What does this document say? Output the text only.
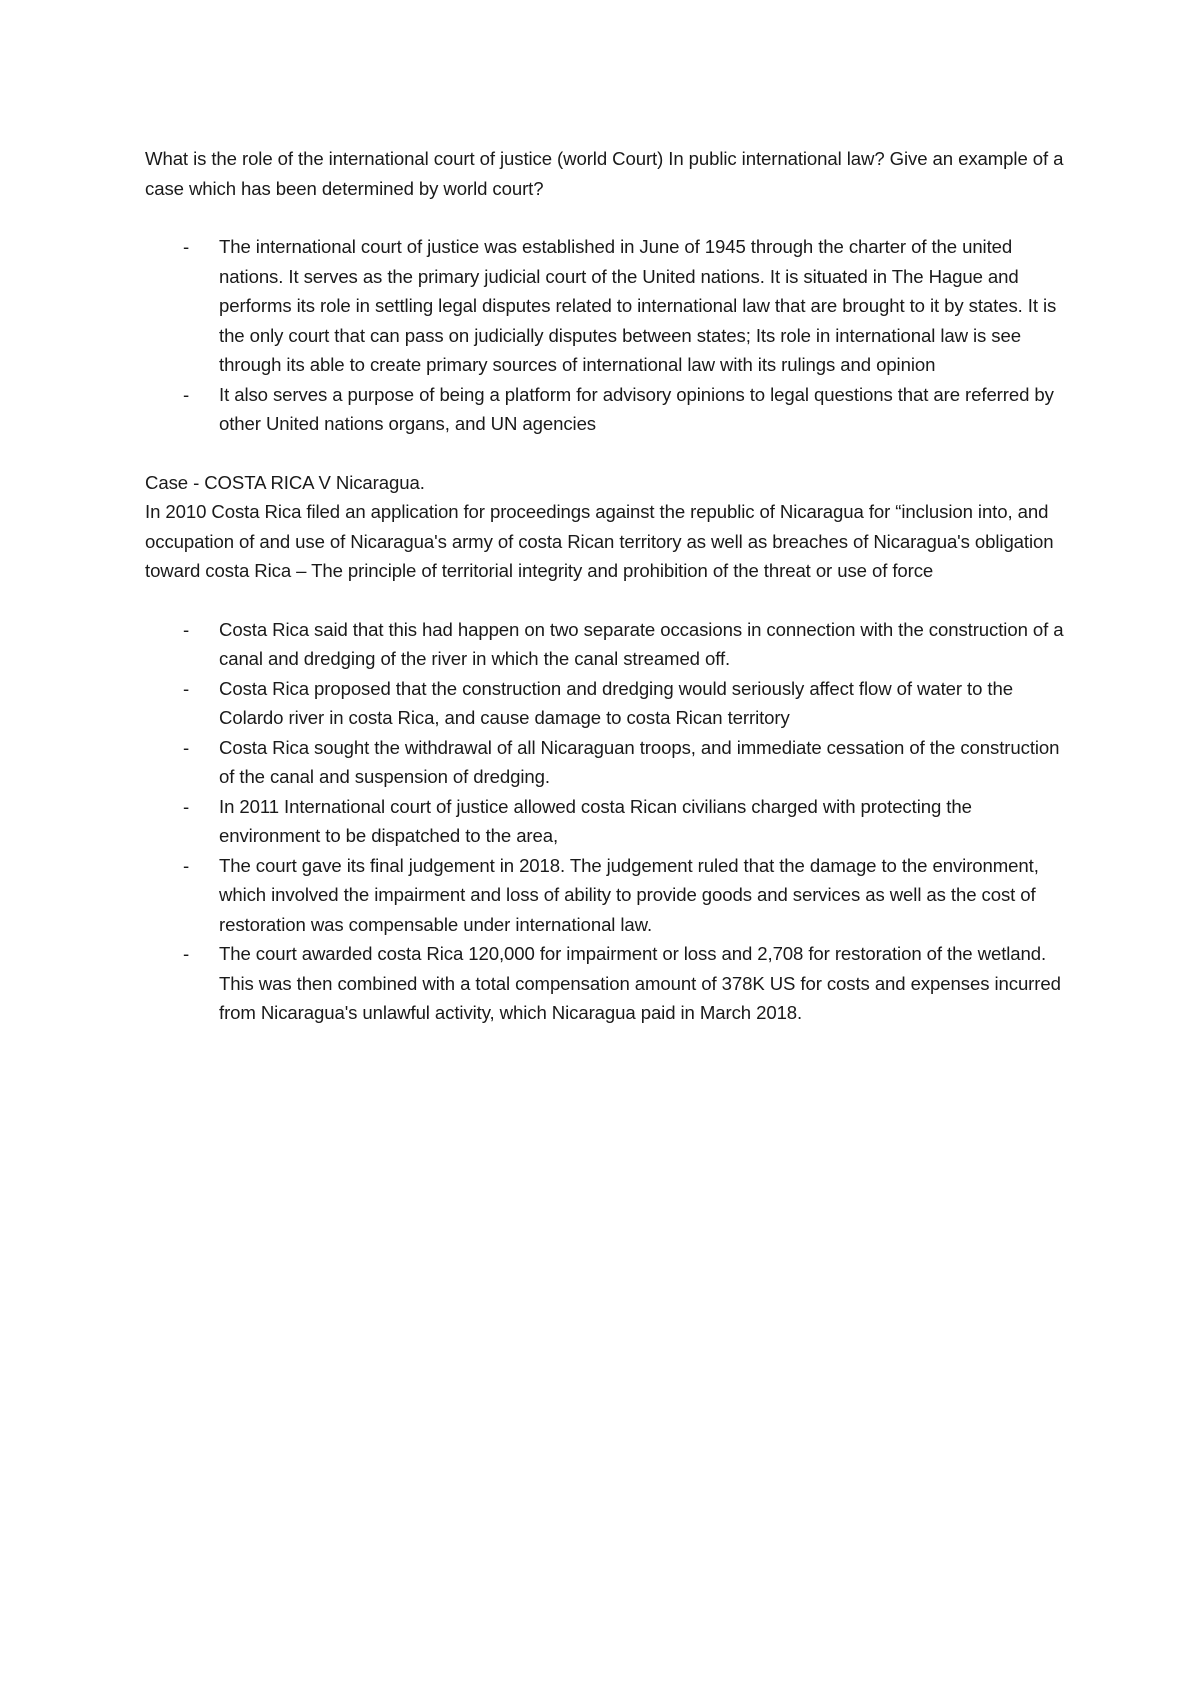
What is the role of the international court of justice (world Court) In public international law? Give an example of a case which has been determined by world court?

- The international court of justice was established in June of 1945 through the charter of the united nations. It serves as the primary judicial court of the United nations. It is situated in The Hague and performs its role in settling legal disputes related to international law that are brought to it by states. It is the only court that can pass on judicially disputes between states; Its role in international law is see through its able to create primary sources of international law with its rulings and opinion
- It also serves a purpose of being a platform for advisory opinions to legal questions that are referred by other United nations organs, and UN agencies

Case - COSTA RICA V Nicaragua.

In 2010 Costa Rica filed an application for proceedings against the republic of Nicaragua for “inclusion into, and occupation of and use of Nicaragua's army of costa Rican territory as well as breaches of Nicaragua's obligation toward costa Rica – The principle of territorial integrity and prohibition of the threat or use of force

- Costa Rica said that this had happen on two separate occasions in connection with the construction of a canal and dredging of the river in which the canal streamed off.
- Costa Rica proposed that the construction and dredging would seriously affect flow of water to the Colardo river in costa Rica, and cause damage to costa Rican territory
- Costa Rica sought the withdrawal of all Nicaraguan troops, and immediate cessation of the construction of the canal and suspension of dredging.
- In 2011 International court of justice allowed costa Rican civilians charged with protecting the environment to be dispatched to the area,
- The court gave its final judgement in 2018. The judgement ruled that the damage to the environment, which involved the impairment and loss of ability to provide goods and services as well as the cost of restoration was compensable under international law.
- The court awarded costa Rica 120,000 for impairment or loss and 2,708 for restoration of the wetland. This was then combined with a total compensation amount of 378K US for costs and expenses incurred from Nicaragua's unlawful activity, which Nicaragua paid in March 2018.
